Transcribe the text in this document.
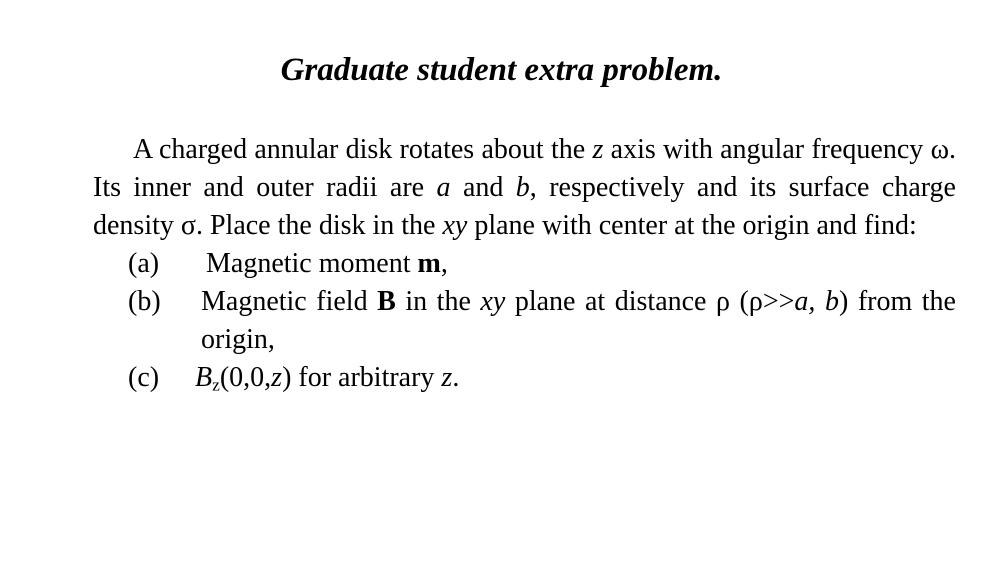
Graduate student extra problem.

A charged annular disk rotates about the z axis with angular frequency ω. Its inner and outer radii are a and b, respectively and its surface charge density σ. Place the disk in the xy plane with center at the origin and find:

(a) Magnetic moment m,
(b) Magnetic field B in the xy plane at distance ρ (ρ>>a, b) from the origin,
(c) $B_z(0,0,z)$ for arbitrary z.
